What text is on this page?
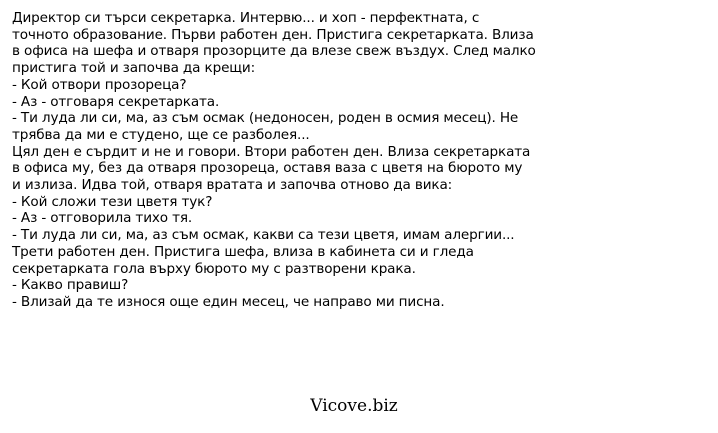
Директор си търси секретарка. Интервю... и хоп - перфектната, с
точното образование. Първи работен ден. Пристига секретарката. Влиза
в офиса на шефа и отваря прозорците да влезе свеж въздух. След малко
пристига той и започва да крещи:
- Кой отвори прозореца?
- Аз - отговаря секретарката.
- Ти луда ли си, ма, аз съм осмак (недоносен, роден в осмия месец). Не
трябва да ми е студено, ще се разболея...
Цял ден е сърдит и не и говори. Втори работен ден. Влиза секретарката
в офиса му, без да отваря прозореца, оставя ваза с цветя на бюрото му
и излиза. Идва той, отваря вратата и започва отново да вика:
- Кой сложи тези цветя тук?
- Аз - отговорила тихо тя.
- Ти луда ли си, ма, аз съм осмак, какви са тези цветя, имам алергии...
Трети работен ден. Пристига шефа, влиза в кабинета си и гледа
секретарката гола върху бюрото му с разтворени крака.
- Какво правиш?
- Влизай да те износя още един месец, че направо ми писна.
Vicove.biz
